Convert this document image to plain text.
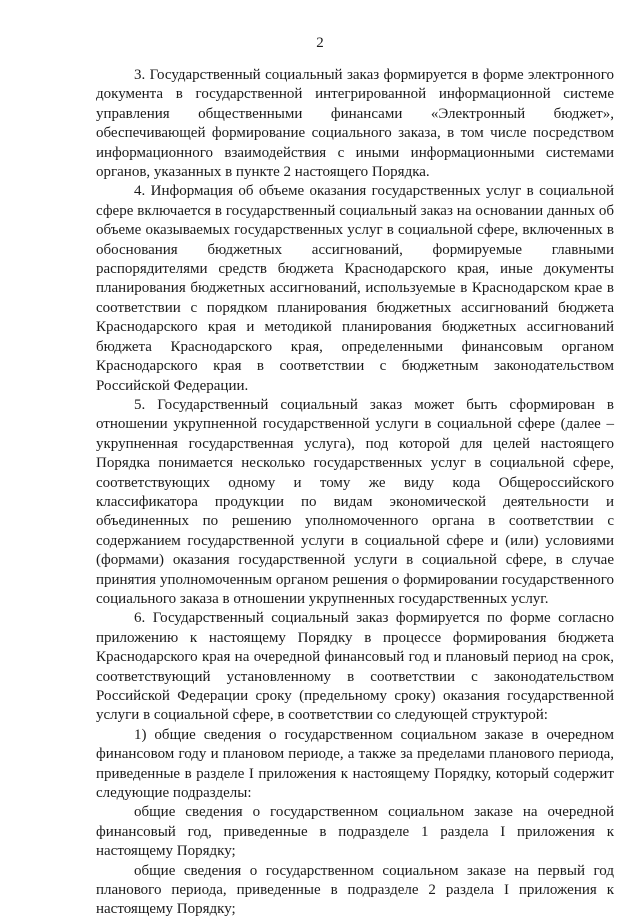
2

3. Государственный социальный заказ формируется в форме электронного документа в государственной интегрированной информационной системе управления общественными финансами «Электронный бюджет», обеспечивающей формирование социального заказа, в том числе посредством информационного взаимодействия с иными информационными системами органов, указанных в пункте 2 настоящего Порядка.

4. Информация об объеме оказания государственных услуг в социальной сфере включается в государственный социальный заказ на основании данных об объеме оказываемых государственных услуг в социальной сфере, включенных в обоснования бюджетных ассигнований, формируемые главными распорядителями средств бюджета Краснодарского края, иные документы планирования бюджетных ассигнований, используемые в Краснодарском крае в соответствии с порядком планирования бюджетных ассигнований бюджета Краснодарского края и методикой планирования бюджетных ассигнований бюджета Краснодарского края, определенными финансовым органом Краснодарского края в соответствии с бюджетным законодательством Российской Федерации.

5. Государственный социальный заказ может быть сформирован в отношении укрупненной государственной услуги в социальной сфере (далее – укрупненная государственная услуга), под которой для целей настоящего Порядка понимается несколько государственных услуг в социальной сфере, соответствующих одному и тому же виду кода Общероссийского классификатора продукции по видам экономической деятельности и объединенных по решению уполномоченного органа в соответствии с содержанием государственной услуги в социальной сфере и (или) условиями (формами) оказания государственной услуги в социальной сфере, в случае принятия уполномоченным органом решения о формировании государственного социального заказа в отношении укрупненных государственных услуг.

6. Государственный социальный заказ формируется по форме согласно приложению к настоящему Порядку в процессе формирования бюджета Краснодарского края на очередной финансовый год и плановый период на срок, соответствующий установленному в соответствии с законодательством Российской Федерации сроку (предельному сроку) оказания государственной услуги в социальной сфере, в соответствии со следующей структурой:

1) общие сведения о государственном социальном заказе в очередном финансовом году и плановом периоде, а также за пределами планового периода, приведенные в разделе I приложения к настоящему Порядку, который содержит следующие подразделы:

общие сведения о государственном социальном заказе на очередной финансовый год, приведенные в подразделе 1 раздела I приложения к настоящему Порядку;

общие сведения о государственном социальном заказе на первый год планового периода, приведенные в подразделе 2 раздела I приложения к настоящему Порядку;
